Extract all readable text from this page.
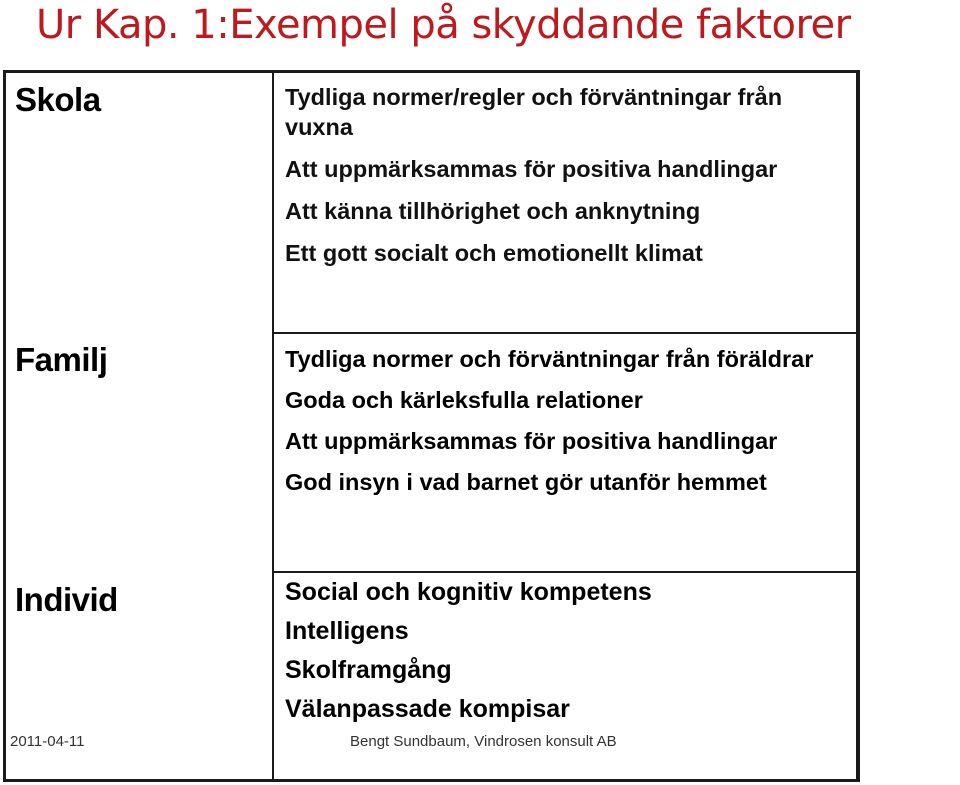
Ur Kap. 1:Exempel på skyddande faktorer
Skola	Tydliga normer/regler och förväntningar från vuxna
Att uppmärksammas för positiva handlingar
Att känna tillhörighet och anknytning
Ett gott socialt och emotionellt klimat
Familj	Tydliga normer och förväntningar från föräldrar
Goda och kärleksfulla relationer
Att uppmärksammas för positiva handlingar
God insyn i vad barnet gör utanför hemmet
Individ	Social och kognitiv kompetens
Intelligens
Skolframgång
Välanpassade kompisar
2011-04-11	Bengt Sundbaum, Vindrosen konsult AB
